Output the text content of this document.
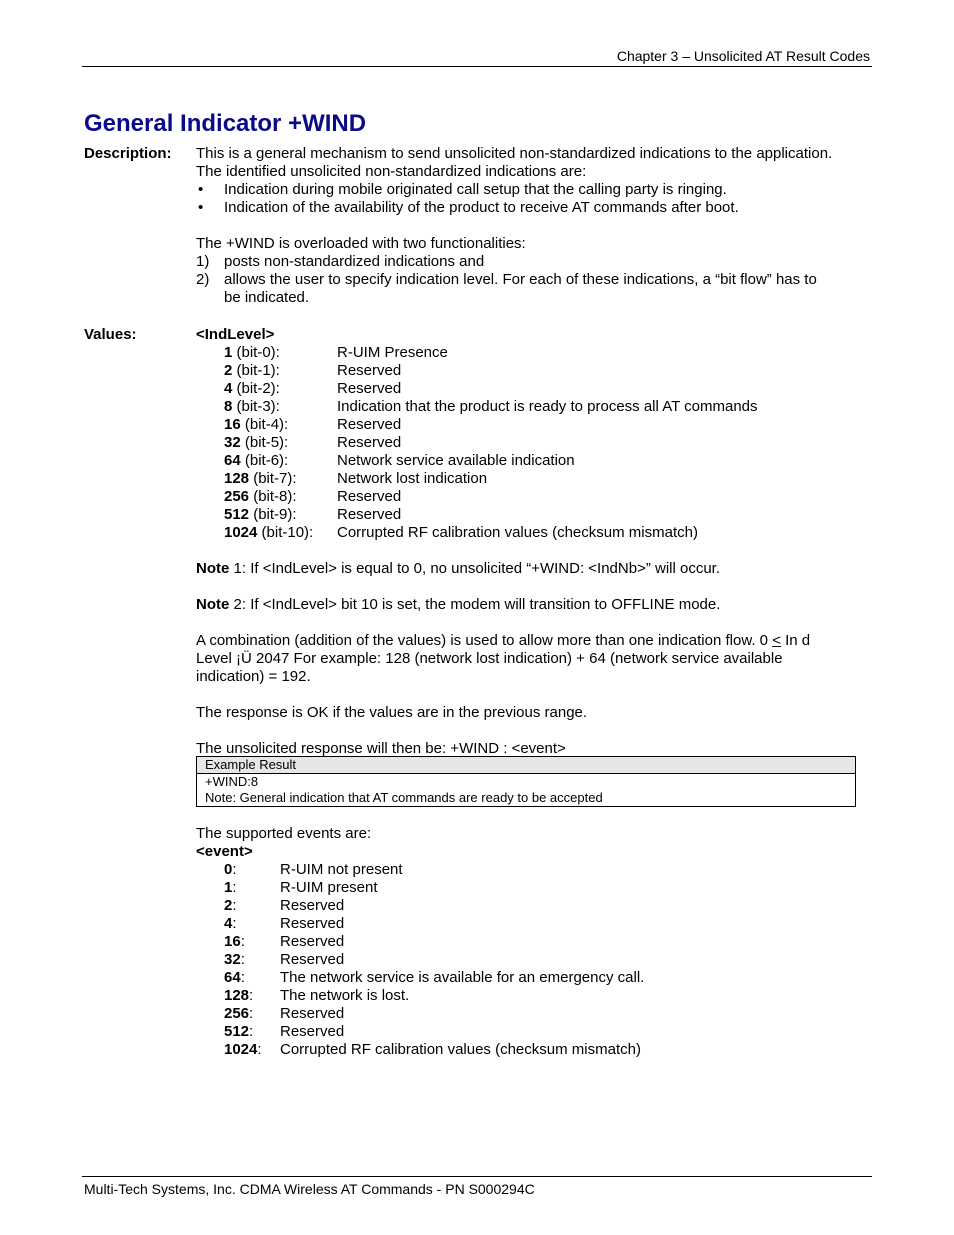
Chapter 3 – Unsolicited AT Result Codes
General Indicator +WIND
Description: This is a general mechanism to send unsolicited non-standardized indications to the application. The identified unsolicited non-standardized indications are:

• Indication during mobile originated call setup that the calling party is ringing.
• Indication of the availability of the product to receive AT commands after boot.

The +WIND is overloaded with two functionalities:

1) posts non-standardized indications and
2) allows the user to specify indication level. For each of these indications, a “bit flow” has to be indicated.
Values:	<IndLevel>

1 (bit-0):	R-UIM Presence
2 (bit-1):	Reserved
4 (bit-2):	Reserved
8 (bit-3):	Indication that the product is ready to process all AT commands
16 (bit-4):	Reserved
32 (bit-5):	Reserved
64 (bit-6):	Network service available indication
128 (bit-7):	Network lost indication
256 (bit-8):	Reserved
512 (bit-9):	Reserved
1024 (bit-10): Corrupted RF calibration values (checksum mismatch)

Note 1: If <IndLevel> is equal to 0, no unsolicited “+WIND: <IndNb>” will occur.

Note 2: If <IndLevel> bit 10 is set, the modem will transition to OFFLINE mode.

A combination (addition of the values) is used to allow more than one indication flow. 0 < In d Level ¡Ü 2047 For example: 128 (network lost indication) + 64 (network service available indication) = 192.

The response is OK if the values are in the previous range.

The unsolicited response will then be: +WIND : <event>

Example Result
+WIND:8
Note: General indication that AT commands are ready to be accepted

The supported events are:

<event>

0:	R-UIM not present
1:	R-UIM present
2:	Reserved
4:	Reserved
16: Reserved
32: Reserved
64: The network service is available for an emergency call.
128: The network is lost.
256: Reserved
512: Reserved
1024: Corrupted RF calibration values (checksum mismatch)
Multi-Tech Systems, Inc. CDMA Wireless AT Commands - PN S000294C
